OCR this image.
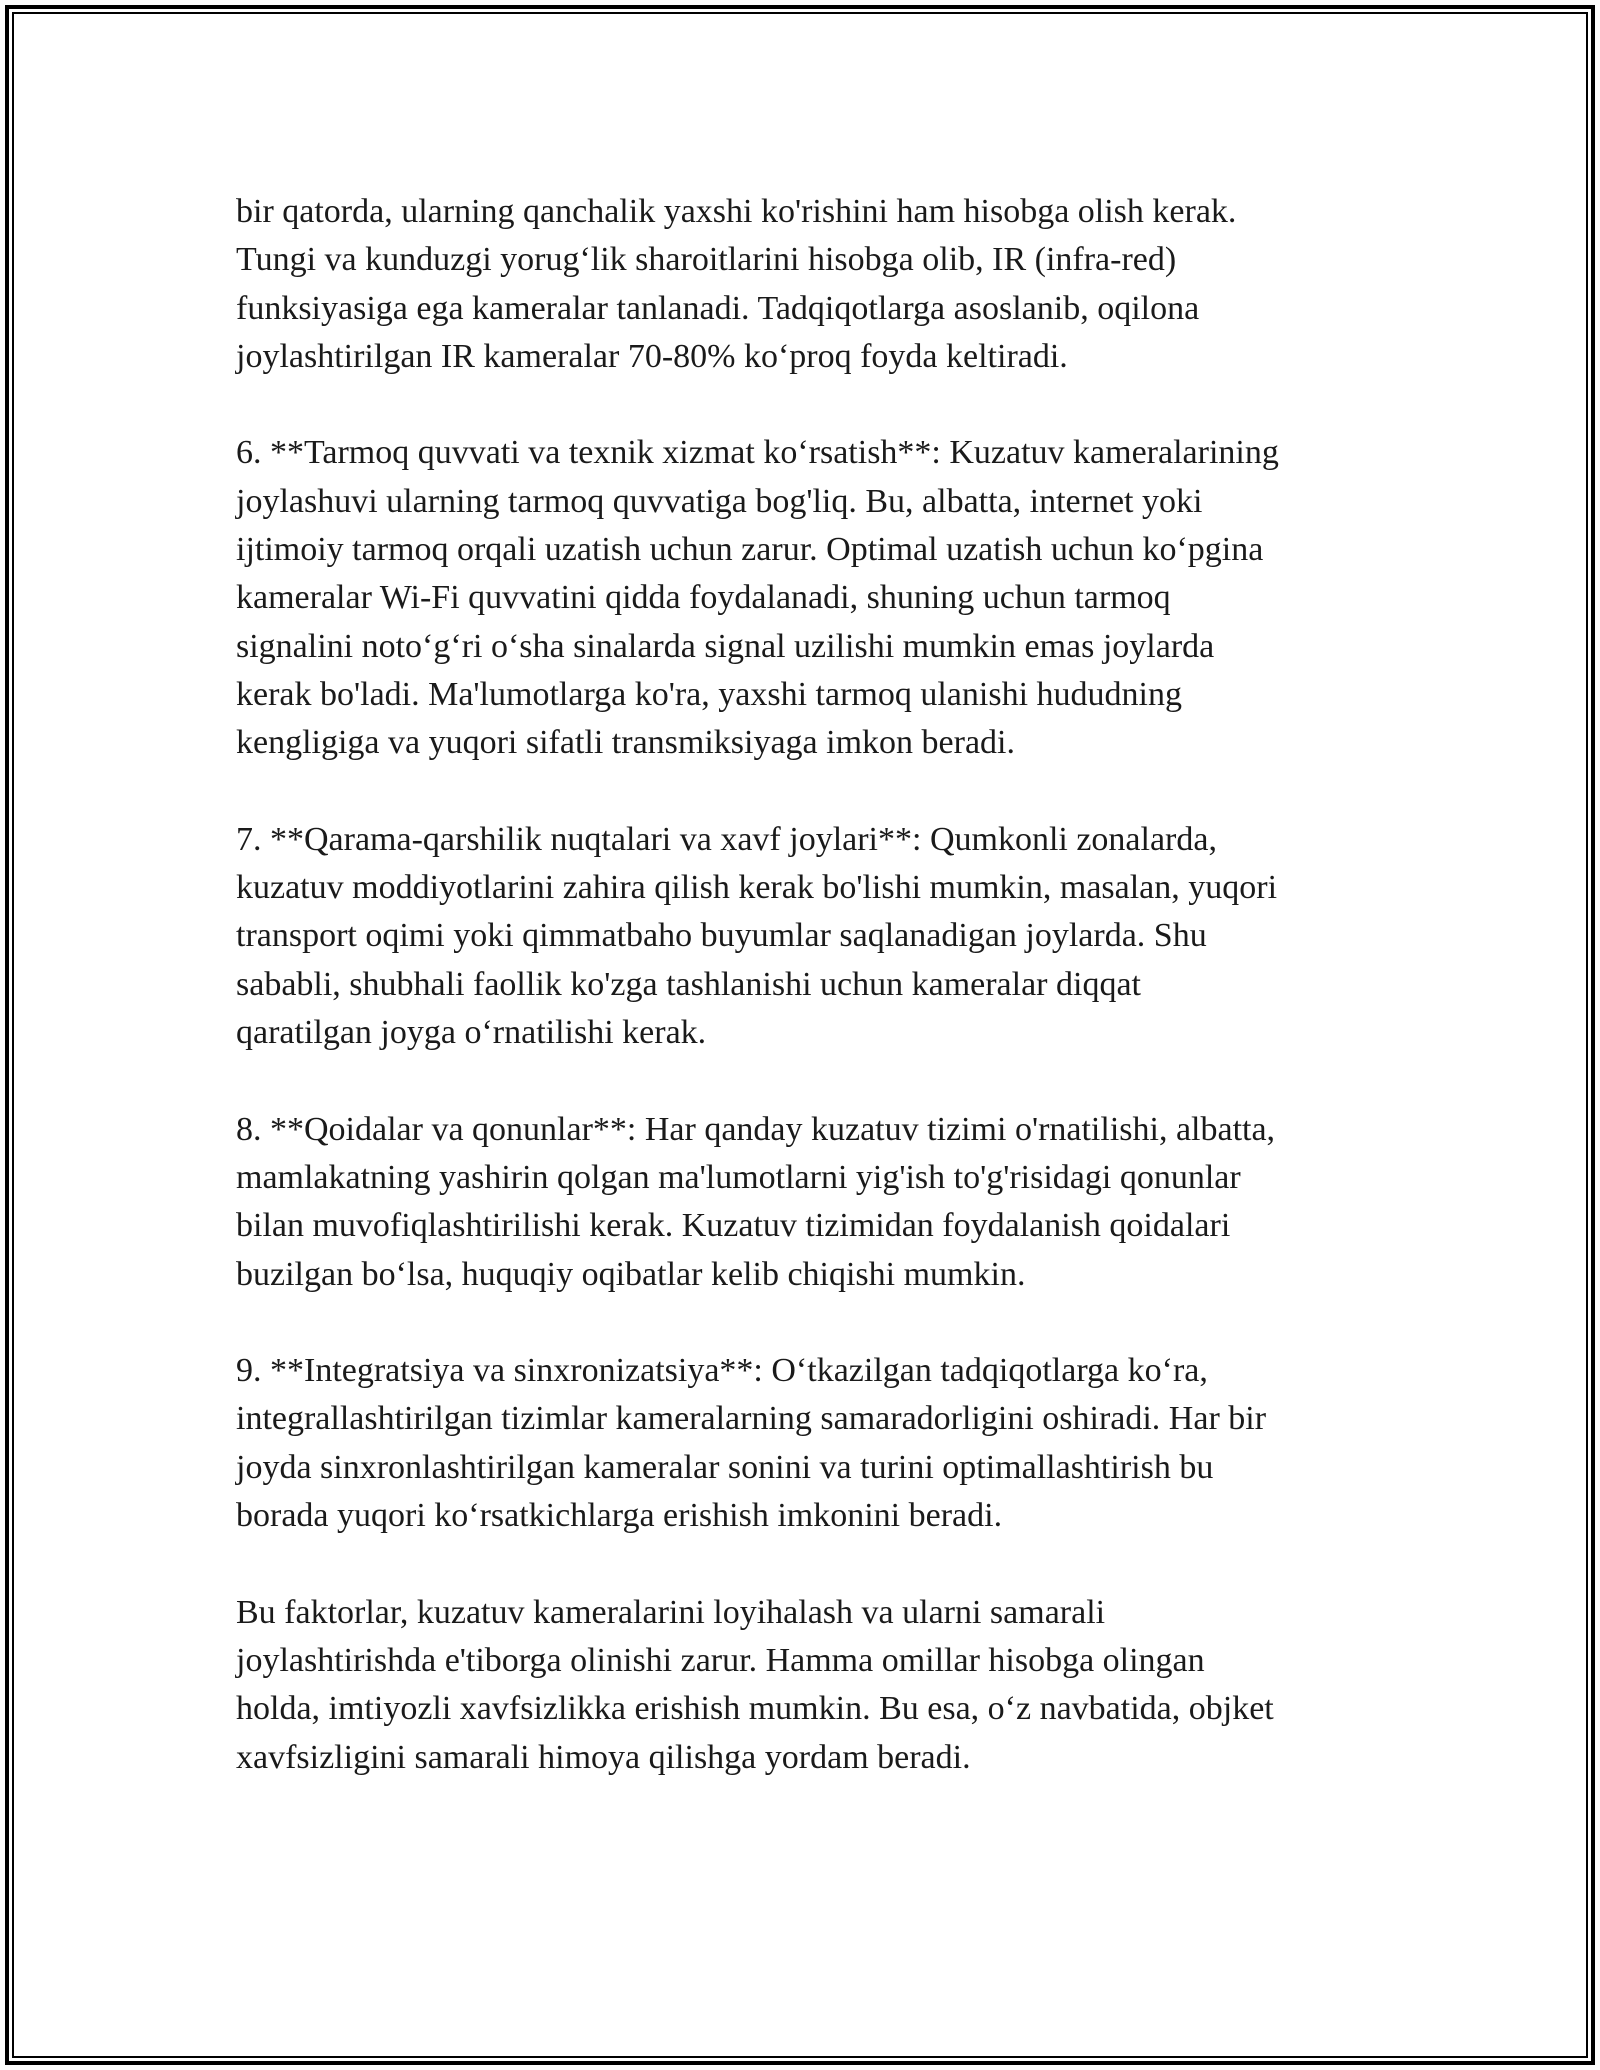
bir qatorda, ularning qanchalik yaxshi ko'rishini ham hisobga olish kerak.
Tungi va kunduzgi yorug‘lik sharoitlarini hisobga olib, IR (infra-red)
funksiyasiga ega kameralar tanlanadi. Tadqiqotlarga asoslanib, oqilona
joylashtirilgan IR kameralar 70-80% ko‘proq foyda keltiradi.

6. **Tarmoq quvvati va texnik xizmat ko‘rsatish**: Kuzatuv kameralarining
joylashuvi ularning tarmoq quvvatiga bog'liq. Bu, albatta, internet yoki
ijtimoiy tarmoq orqali uzatish uchun zarur. Optimal uzatish uchun ko‘pgina
kameralar Wi-Fi quvvatini qidda foydalanadi, shuning uchun tarmoq
signalini noto‘g‘ri o‘sha sinalarda signal uzilishi mumkin emas joylarda
kerak bo'ladi. Ma'lumotlarga ko'ra, yaxshi tarmoq ulanishi hududning
kengligiga va yuqori sifatli transmiksiyaga imkon beradi.

7. **Qarama-qarshilik nuqtalari va xavf joylari**: Qumkonli zonalarda,
kuzatuv moddiyotlarini zahira qilish kerak bo'lishi mumkin, masalan, yuqori
transport oqimi yoki qimmatbaho buyumlar saqlanadigan joylarda. Shu
sababli, shubhali faollik ko'zga tashlanishi uchun kameralar diqqat
qaratilgan joyga o‘rnatilishi kerak.

8. **Qoidalar va qonunlar**: Har qanday kuzatuv tizimi o'rnatilishi, albatta,
mamlakatning yashirin qolgan ma'lumotlarni yig'ish to'g'risidagi qonunlar
bilan muvofiqlashtirilishi kerak. Kuzatuv tizimidan foydalanish qoidalari
buzilgan bo‘lsa, huquqiy oqibatlar kelib chiqishi mumkin.

9. **Integratsiya va sinxronizatsiya**: O‘tkazilgan tadqiqotlarga ko‘ra,
integrallashtirilgan tizimlar kameralarning samaradorligini oshiradi. Har bir
joyda sinxronlashtirilgan kameralar sonini va turini optimallashtirish bu
borada yuqori ko‘rsatkichlarga erishish imkonini beradi.

Bu faktorlar, kuzatuv kameralarini loyihalash va ularni samarali
joylashtirishda e'tiborga olinishi zarur. Hamma omillar hisobga olingan
holda, imtiyozli xavfsizlikka erishish mumkin. Bu esa, o‘z navbatida, objket
xavfsizligini samarali himoya qilishga yordam beradi.
